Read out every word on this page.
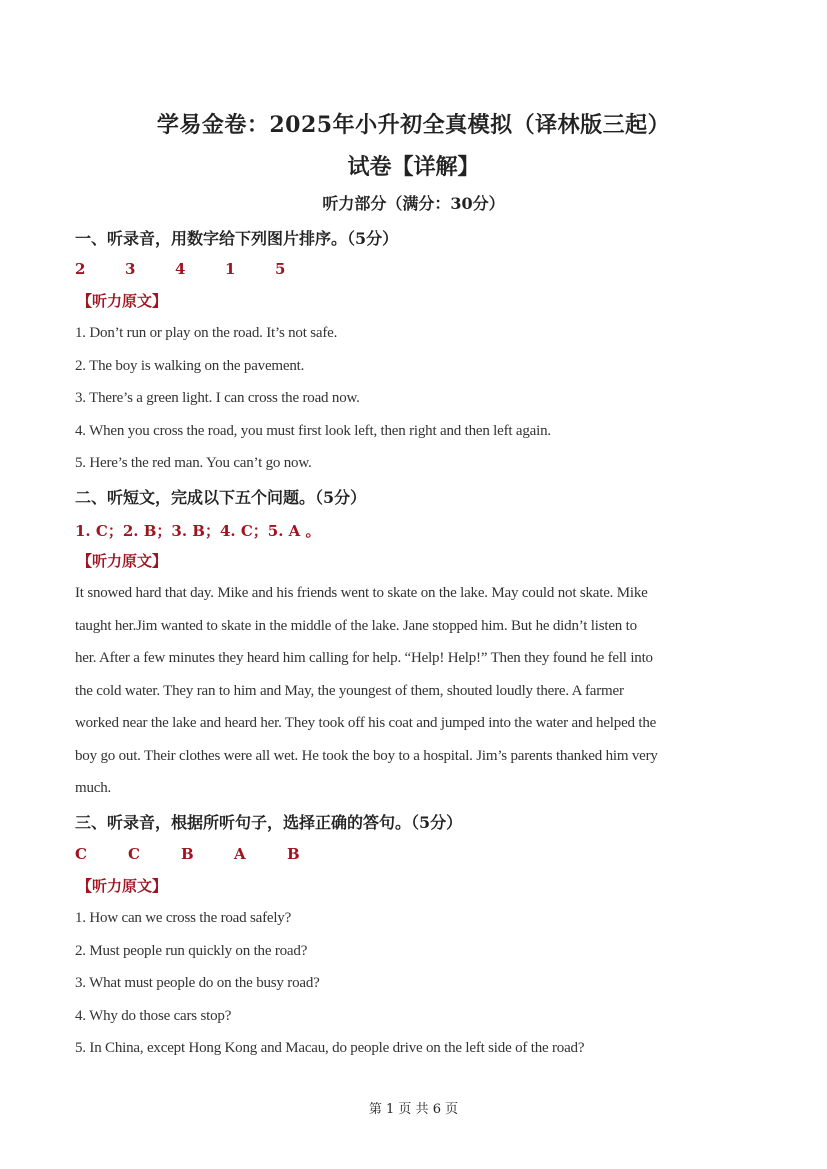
学易金卷：2025年小升初全真模拟（译林版三起）
试卷【详解】
听力部分（满分：30分）
一、听录音，用数字给下列图片排序。（5分）
2	3	4	1	5
【听力原文】
1. Don’t run or play on the road. It’s not safe.
2. The boy is walking on the pavement.
3. There’s a green light. I can cross the road now.
4. When you cross the road, you must first look left, then right and then left again.
5. Here’s the red man. You can’t go now.
二、听短文，完成以下五个问题。（5分）
1. C；2. B；3. B；4. C；5. A 。
【听力原文】
It snowed hard that day. Mike and his friends went to skate on the lake. May could not skate. Mike
taught her.Jim wanted to skate in the middle of the lake. Jane stopped him. But he didn’t listen to
her. After a few minutes they heard him calling for help. “Help! Help!” Then they found he fell into
the cold water. They ran to him and May, the youngest of them, shouted loudly there. A farmer
worked near the lake and heard her. They took off his coat and jumped into the water and helped the
boy go out. Their clothes were all wet. He took the boy to a hospital. Jim’s parents thanked him very
much.
三、听录音，根据所听句子，选择正确的答句。（5分）
C	C	B	A	B
【听力原文】
1. How can we cross the road safely?
2. Must people run quickly on the road?
3. What must people do on the busy road?
4. Why do those cars stop?
5. In China, except Hong Kong and Macau, do people drive on the left side of the road?
第 1 页 共 6 页
